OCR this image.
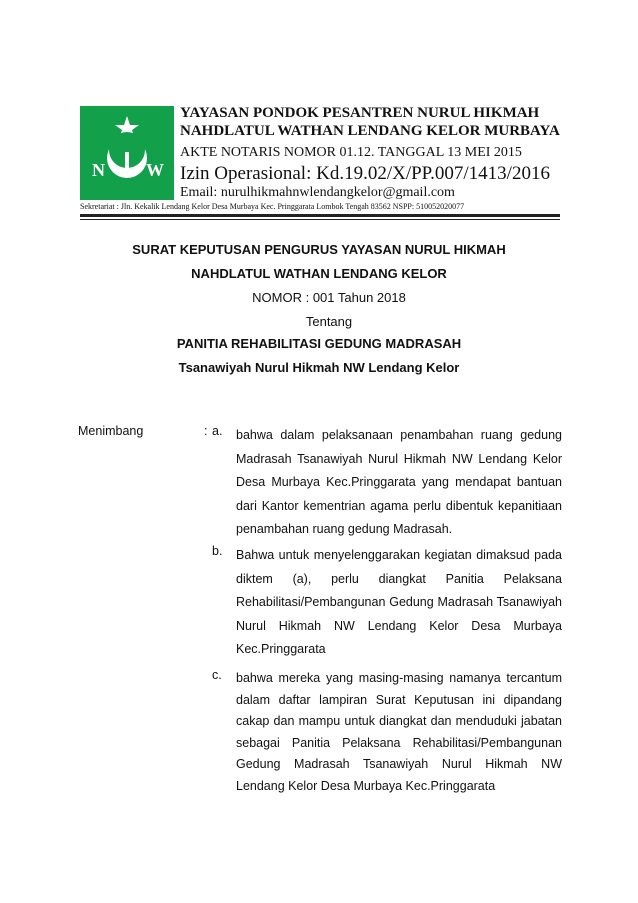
N W
YAYASAN PONDOK PESANTREN NURUL HIKMAH
NAHDLATUL WATHAN LENDANG KELOR MURBAYA
AKTE NOTARIS NOMOR 01.12. TANGGAL 13 MEI 2015
Izin Operasional: Kd.19.02/X/PP.007/1413/2016
Email: nurulhikmahnwlendangkelor@gmail.com
Sekretariat : Jln. Kekalik Lendang Kelor Desa Murbaya Kec. Pringgarata Lombok Tengah 83562 NSPP: 510052020077
SURAT KEPUTUSAN PENGURUS YAYASAN NURUL HIKMAH
NAHDLATUL WATHAN LENDANG KELOR
NOMOR : 001 Tahun 2018
Tentang
PANITIA REHABILITASI GEDUNG MADRASAH
Tsanawiyah Nurul Hikmah NW Lendang Kelor
Menimbang	: a.	bahwa dalam pelaksanaan penambahan ruang gedung Madrasah Tsanawiyah Nurul Hikmah NW Lendang Kelor Desa Murbaya Kec.Pringgarata yang mendapat bantuan dari Kantor kementrian agama perlu dibentuk kepanitiaan penambahan ruang gedung Madrasah.
b.	Bahwa untuk menyelenggarakan kegiatan dimaksud pada diktem (a), perlu diangkat Panitia Pelaksana Rehabilitasi/Pembangunan Gedung Madrasah Tsanawiyah Nurul Hikmah NW Lendang Kelor Desa Murbaya Kec.Pringgarata
c.	bahwa mereka yang masing-masing namanya tercantum dalam daftar lampiran Surat Keputusan ini dipandang cakap dan mampu untuk diangkat dan menduduki jabatan sebagai Panitia Pelaksana Rehabilitasi/Pembangunan Gedung Madrasah Tsanawiyah Nurul Hikmah NW Lendang Kelor Desa Murbaya Kec.Pringgarata
